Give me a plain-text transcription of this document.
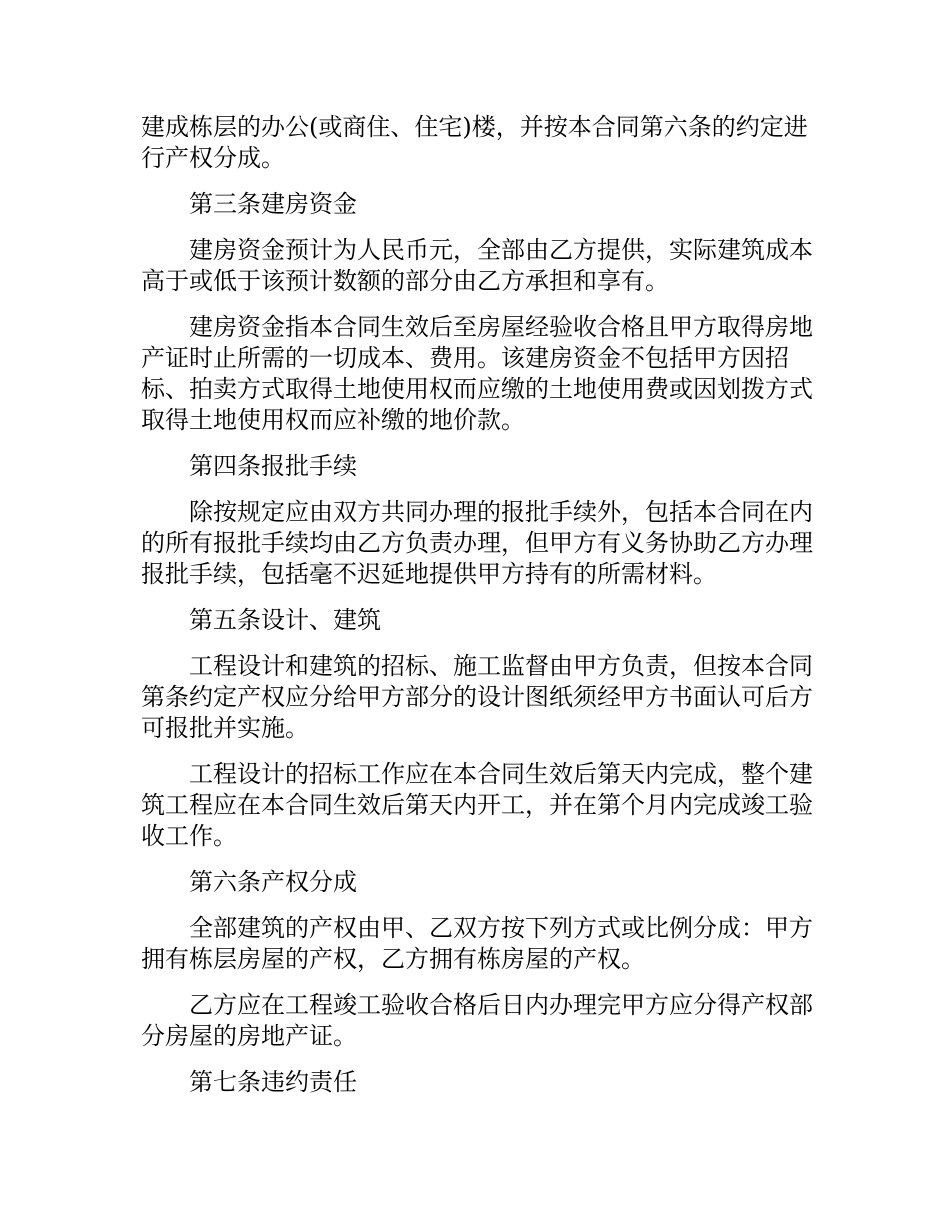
建成栋层的办公(或商住、住宅)楼，并按本合同第六条的约定进行产权分成。

第三条建房资金

建房资金预计为人民币元，全部由乙方提供，实际建筑成本高于或低于该预计数额的部分由乙方承担和享有。

建房资金指本合同生效后至房屋经验收合格且甲方取得房地产证时止所需的一切成本、费用。该建房资金不包括甲方因招标、拍卖方式取得土地使用权而应缴的土地使用费或因划拨方式取得土地使用权而应补缴的地价款。

第四条报批手续

除按规定应由双方共同办理的报批手续外，包括本合同在内的所有报批手续均由乙方负责办理，但甲方有义务协助乙方办理报批手续，包括毫不迟延地提供甲方持有的所需材料。

第五条设计、建筑

工程设计和建筑的招标、施工监督由甲方负责，但按本合同第条约定产权应分给甲方部分的设计图纸须经甲方书面认可后方可报批并实施。

工程设计的招标工作应在本合同生效后第天内完成，整个建筑工程应在本合同生效后第天内开工，并在第个月内完成竣工验收工作。

第六条产权分成

全部建筑的产权由甲、乙双方按下列方式或比例分成：甲方拥有栋层房屋的产权，乙方拥有栋房屋的产权。

乙方应在工程竣工验收合格后日内办理完甲方应分得产权部分房屋的房地产证。

第七条违约责任
